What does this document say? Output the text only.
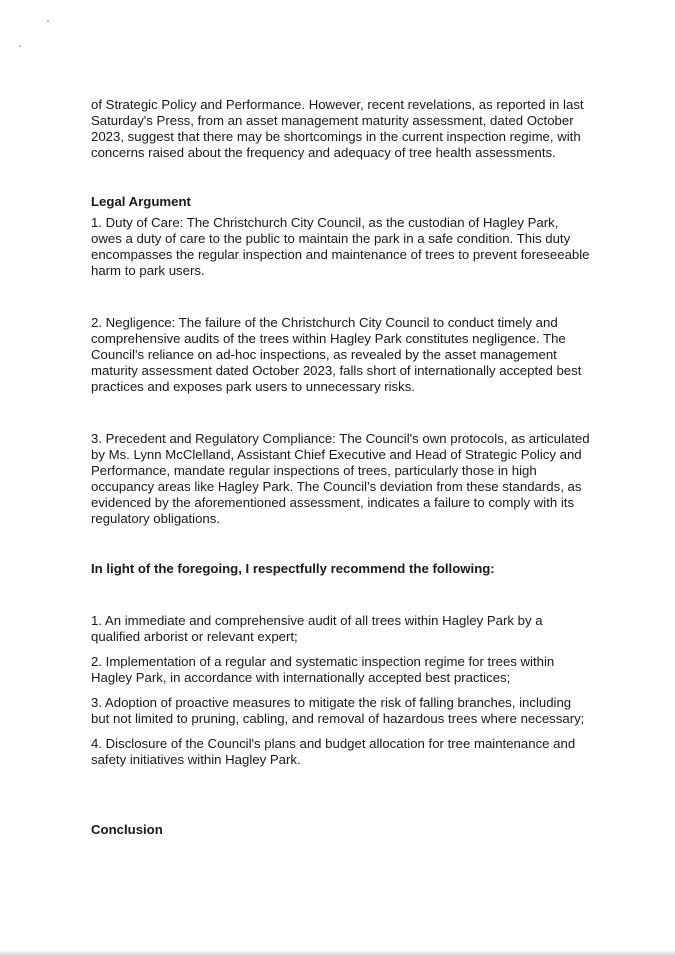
of Strategic Policy and Performance. However, recent revelations, as reported in last Saturday's Press, from an asset management maturity assessment, dated October 2023, suggest that there may be shortcomings in the current inspection regime, with concerns raised about the frequency and adequacy of tree health assessments.

Legal Argument

1. Duty of Care: The Christchurch City Council, as the custodian of Hagley Park, owes a duty of care to the public to maintain the park in a safe condition. This duty encompasses the regular inspection and maintenance of trees to prevent foreseeable harm to park users.

2. Negligence: The failure of the Christchurch City Council to conduct timely and comprehensive audits of the trees within Hagley Park constitutes negligence. The Council's reliance on ad-hoc inspections, as revealed by the asset management maturity assessment dated October 2023, falls short of internationally accepted best practices and exposes park users to unnecessary risks.

3. Precedent and Regulatory Compliance: The Council's own protocols, as articulated by Ms. Lynn McClelland, Assistant Chief Executive and Head of Strategic Policy and Performance, mandate regular inspections of trees, particularly those in high occupancy areas like Hagley Park. The Council's deviation from these standards, as evidenced by the aforementioned assessment, indicates a failure to comply with its regulatory obligations.

In light of the foregoing, I respectfully recommend the following:

1. An immediate and comprehensive audit of all trees within Hagley Park by a qualified arborist or relevant expert;

2. Implementation of a regular and systematic inspection regime for trees within Hagley Park, in accordance with internationally accepted best practices;

3. Adoption of proactive measures to mitigate the risk of falling branches, including but not limited to pruning, cabling, and removal of hazardous trees where necessary;

4. Disclosure of the Council's plans and budget allocation for tree maintenance and safety initiatives within Hagley Park.

Conclusion
